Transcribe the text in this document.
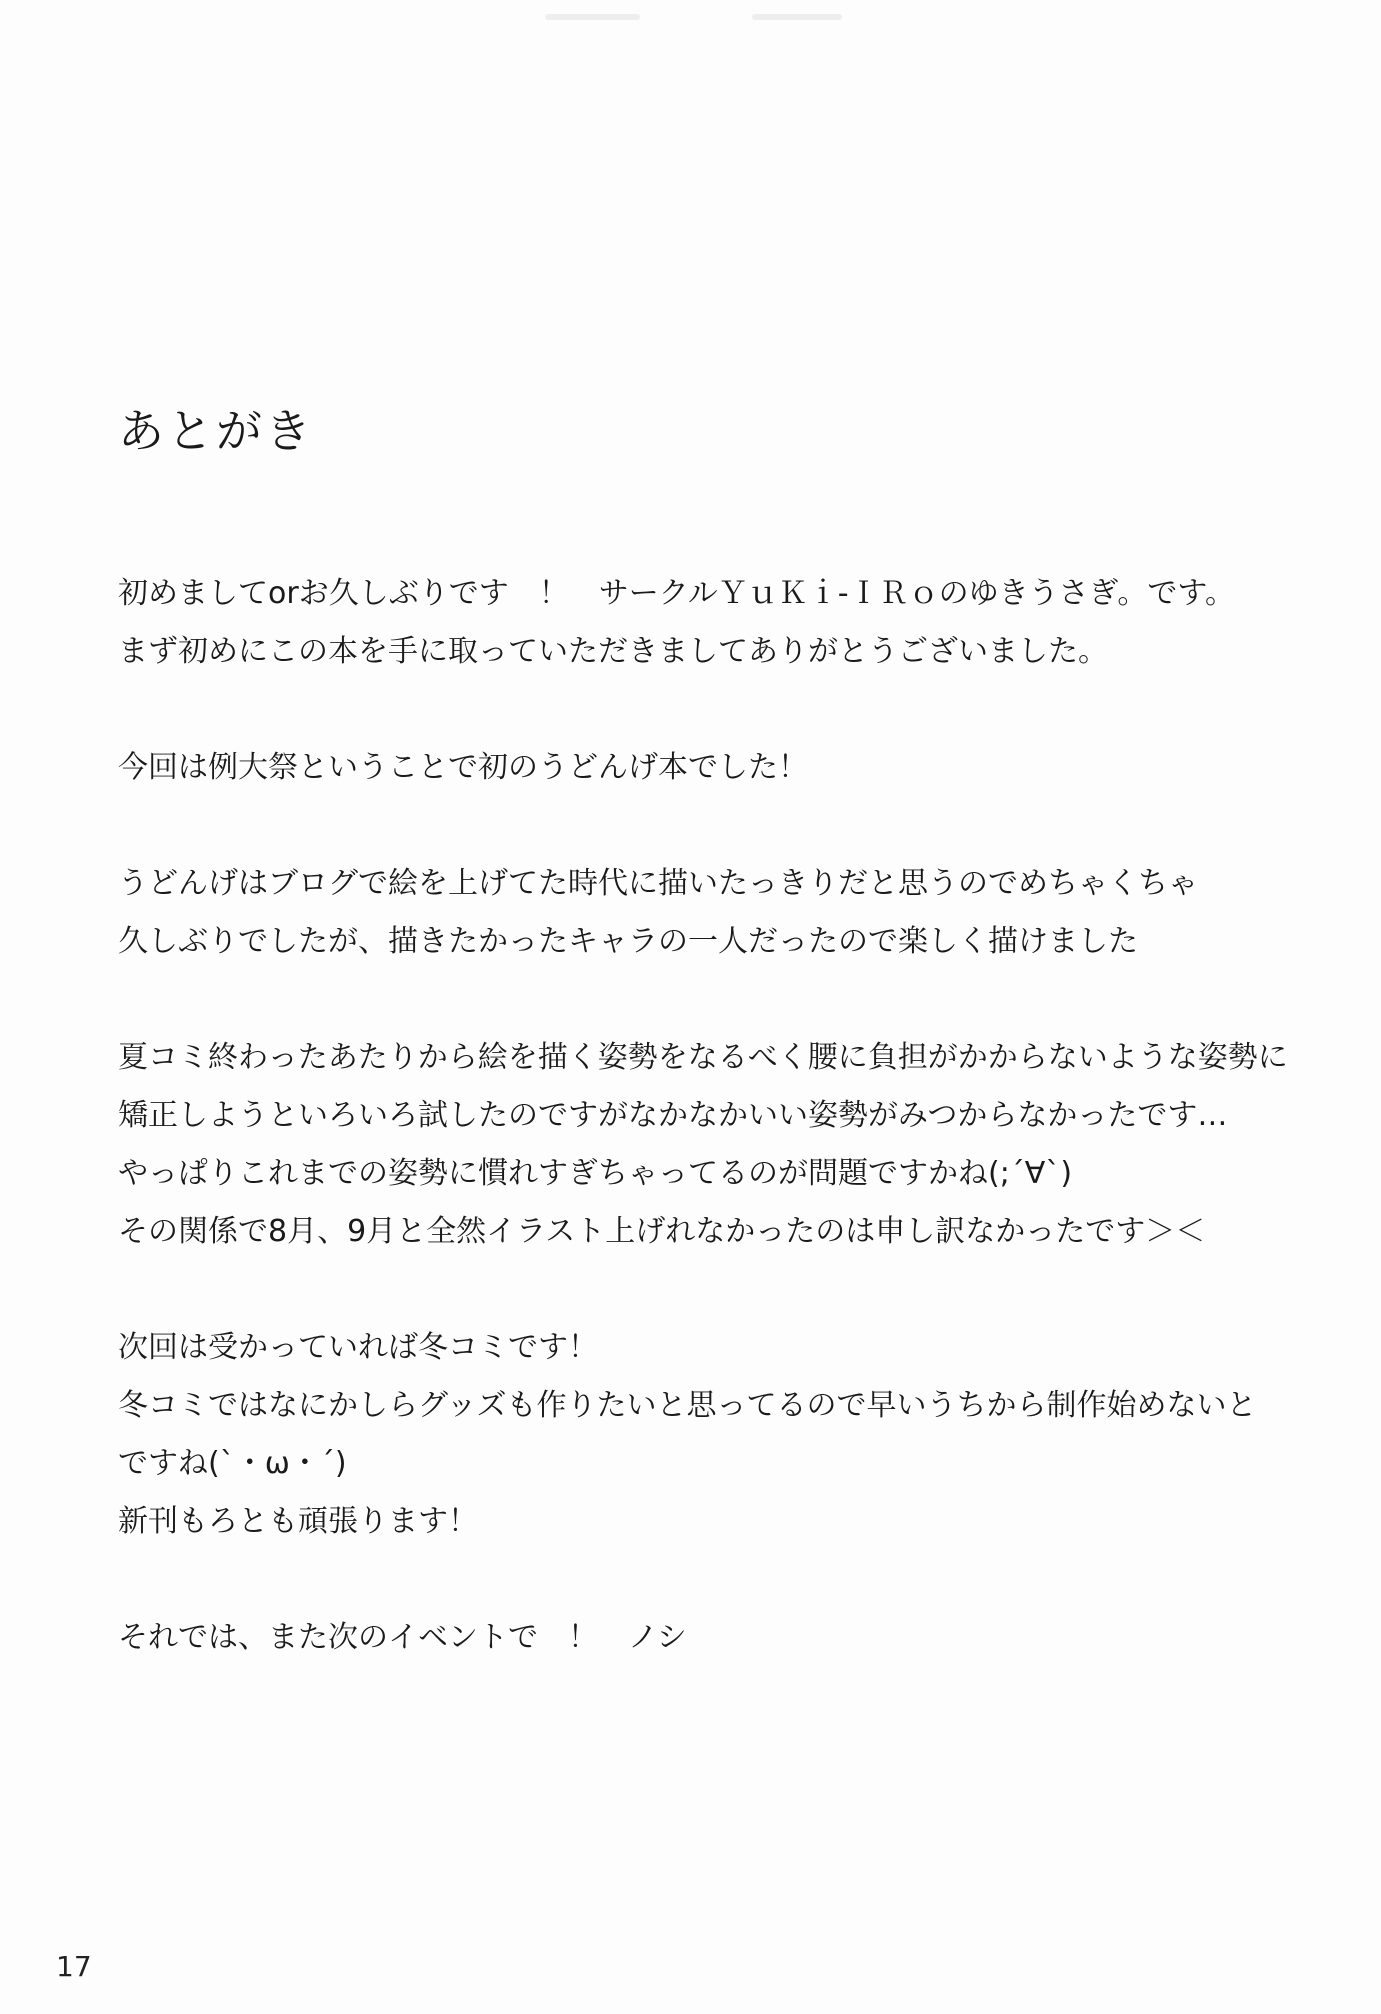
あとがき
初めましてorお久しぶりです　！　サークルＹｕＫｉ-ＩＲｏのゆきうさぎ。です。
まず初めにこの本を手に取っていただきましてありがとうございました。
今回は例大祭ということで初のうどんげ本でした！
うどんげはブログで絵を上げてた時代に描いたっきりだと思うのでめちゃくちゃ
久しぶりでしたが、描きたかったキャラの一人だったので楽しく描けました
夏コミ終わったあたりから絵を描く姿勢をなるべく腰に負担がかからないような姿勢に
矯正しようといろいろ試したのですがなかなかいい姿勢がみつからなかったです…
やっぱりこれまでの姿勢に慣れすぎちゃってるのが問題ですかね(;´∀`)
その関係で8月、9月と全然イラスト上げれなかったのは申し訳なかったです＞＜
次回は受かっていれば冬コミです！
冬コミではなにかしらグッズも作りたいと思ってるので早いうちから制作始めないと
ですね(`・ω・´)
新刊もろとも頑張ります！
それでは、また次のイベントで　！　ノシ
17
